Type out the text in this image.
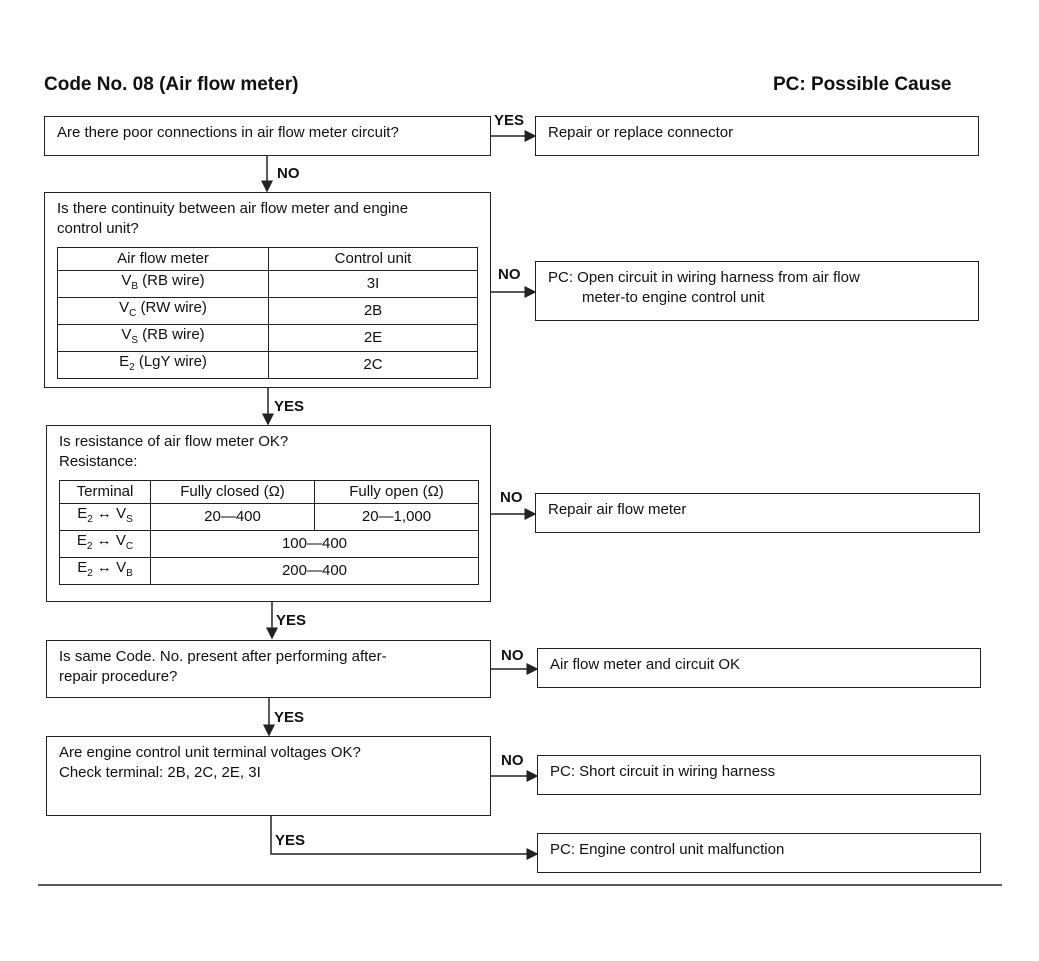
Code No. 08 (Air flow meter)	PC: Possible Cause
Are there poor connections in air flow meter circuit?
YES
Repair or replace connector
NO
Is there continuity between air flow meter and engine
control unit?
Air flow meter	Control unit
$V_B$ (RB wire)	3I
$V_C$ (RW wire)	2B
$V_S$ (RB wire)	2E
$E_2$ (LgY wire)	2C
NO PC: Open circuit in wiring harness from air flow
meter-to engine control unit
YES
Is resistance of air flow meter OK?
Resistance:
Terminal	Fully closed (Ω)	Fully open (Ω)
$E_2$ ↔ $V_S$	20—400	20—1,000
$E_2$ ↔ $V_C$	100—400	
$E_2$ ↔ $V_B$	200—400	
NO
Repair air flow meter
YES
Is same Code. No. present after performing after-
repair procedure?
NO
Air flow meter and circuit OK
YES
Are engine control unit terminal voltages OK?
Check terminal: 2B, 2C, 2E, 3I
NO
PC: Short circuit in wiring harness
YES
PC: Engine control unit malfunction
